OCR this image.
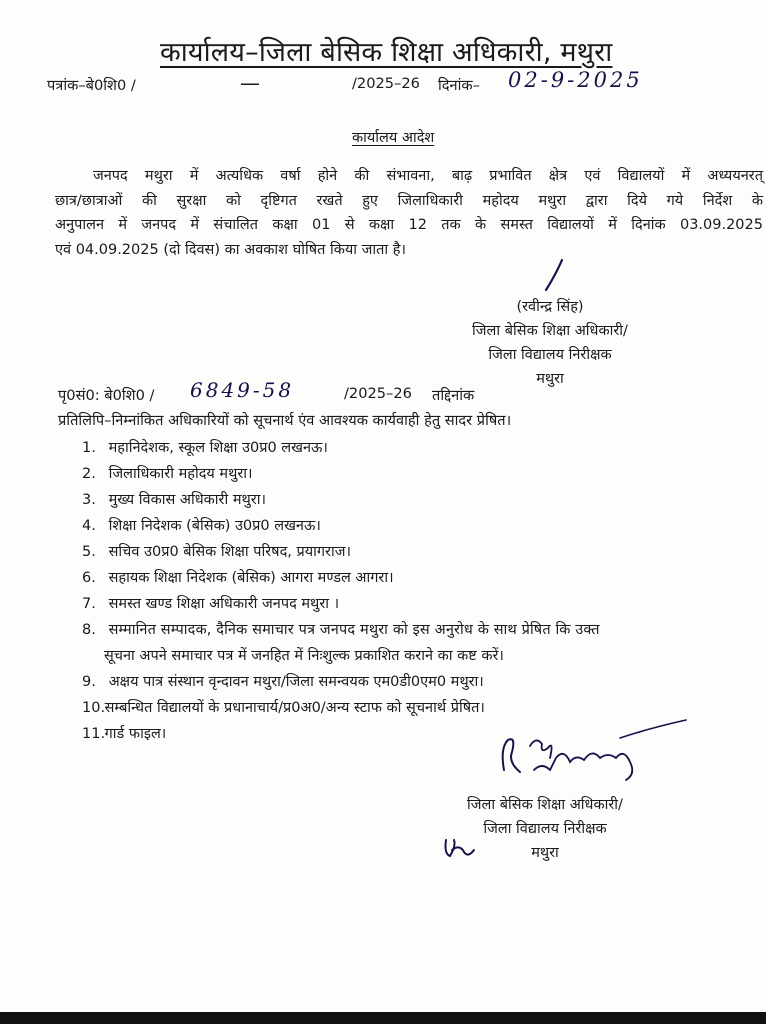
कार्यालय–जिला बेसिक शिक्षा अधिकारी, मथुरा
पत्रांक–बे0शि0 /	—	/2025–26 दिनांक– 02-9-2025
कार्यालय आदेश
जनपद मथुरा में अत्यधिक वर्षा होने की संभावना, बाढ़ प्रभावित क्षेत्र एवं विद्यालयों में अध्ययनरत्
छात्र/छात्राओं की सुरक्षा को दृष्टिगत रखते हुए जिलाधिकारी महोदय मथुरा द्वारा दिये गये निर्देश के
अनुपालन में जनपद में संचालित कक्षा 01 से कक्षा 12 तक के समस्त विद्यालयों में दिनांक 03.09.2025
एवं 04.09.2025 (दो दिवस) का अवकाश घोषित किया जाता है।
(रवीन्द्र सिंह)
जिला बेसिक शिक्षा अधिकारी/
जिला विद्यालय निरीक्षक
मथुरा
पृ0सं0: बे0शि0 / 6849-58	/2025–26 तद्दिनांक
प्रतिलिपि–निम्नांकित अधिकारियों को सूचनार्थ एंव आवश्यक कार्यवाही हेतु सादर प्रेषित।
1. महानिदेशक, स्कूल शिक्षा उ0प्र0 लखनऊ।
2. जिलाधिकारी महोदय मथुरा।
3. मुख्य विकास अधिकारी मथुरा।
4. शिक्षा निदेशक (बेसिक) उ0प्र0 लखनऊ।
5. सचिव उ0प्र0 बेसिक शिक्षा परिषद, प्रयागराज।
6. सहायक शिक्षा निदेशक (बेसिक) आगरा मण्डल आगरा।
7. समस्त खण्ड शिक्षा अधिकारी जनपद मथुरा ।
8. सम्मानित सम्पादक, दैनिक समाचार पत्र जनपद मथुरा को इस अनुरोध के साथ प्रेषित कि उक्त
सूचना अपने समाचार पत्र में जनहित में निःशुल्क प्रकाशित कराने का कष्ट करें।
9. अक्षय पात्र संस्थान वृन्दावन मथुरा/जिला समन्वयक एम0डी0एम0 मथुरा।
10. सम्बन्धित विद्यालयों के प्रधानाचार्य/प्र0अ0/अन्य स्टाफ को सूचनार्थ प्रेषित।
11. गार्ड फाइल।
जिला बेसिक शिक्षा अधिकारी/
जिला विद्यालय निरीक्षक
मथुरा
